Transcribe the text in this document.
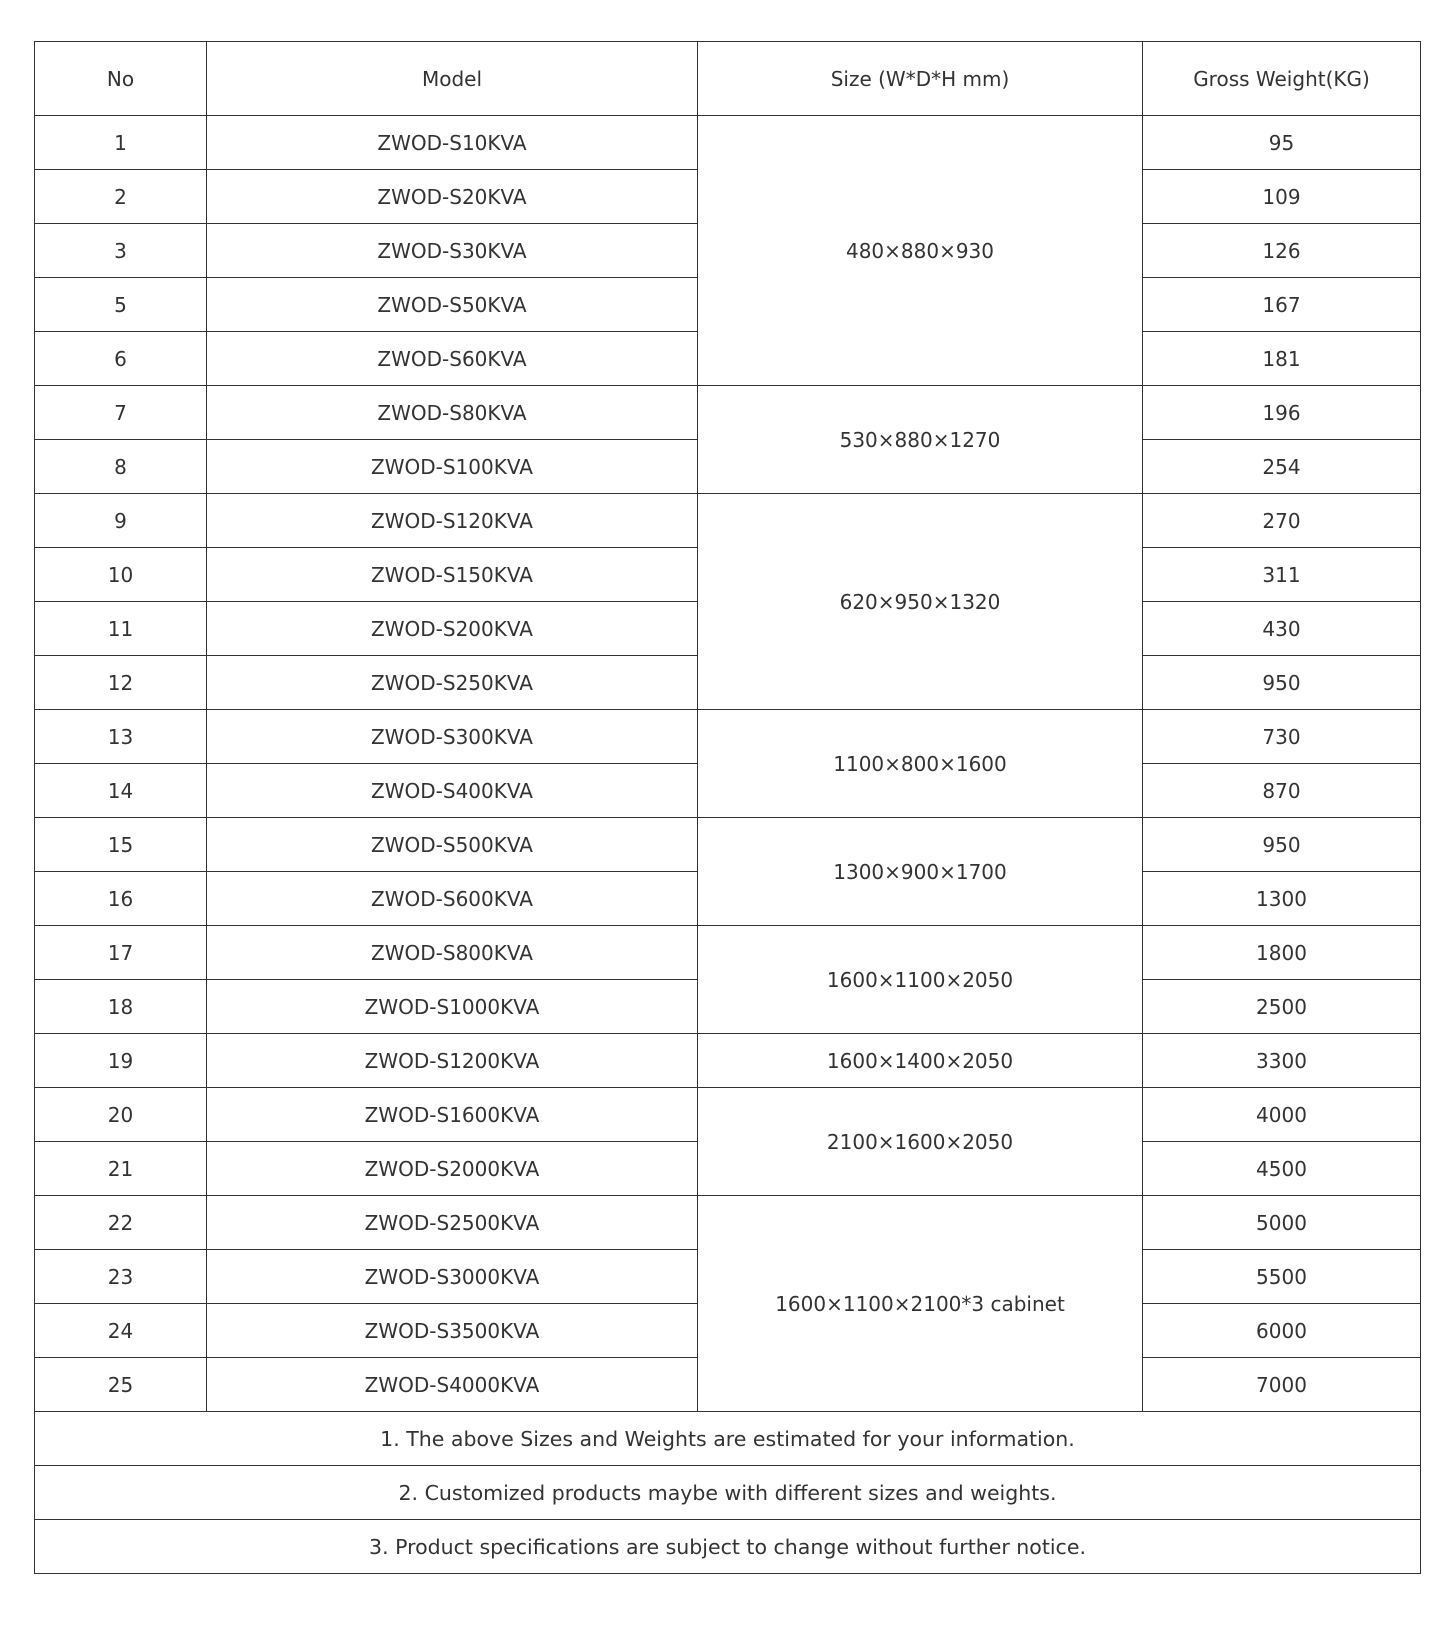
No	Model	Size (W*D*H mm)	Gross Weight(KG)
1	ZWOD-S10KVA	480×880×930	95
2	ZWOD-S20KVA		109
3	ZWOD-S30KVA		126
5	ZWOD-S50KVA		167
6	ZWOD-S60KVA		181
7	ZWOD-S80KVA	530×880×1270	196
8	ZWOD-S100KVA		254
9	ZWOD-S120KVA	620×950×1320	270
10	ZWOD-S150KVA		311
11	ZWOD-S200KVA		430
12	ZWOD-S250KVA		950
13	ZWOD-S300KVA	1100×800×1600	730
14	ZWOD-S400KVA		870
15	ZWOD-S500KVA	1300×900×1700	950
16	ZWOD-S600KVA		1300
17	ZWOD-S800KVA	1600×1100×2050	1800
18	ZWOD-S1000KVA		2500
19	ZWOD-S1200KVA	1600×1400×2050	3300
20	ZWOD-S1600KVA	2100×1600×2050	4000
21	ZWOD-S2000KVA		4500
22	ZWOD-S2500KVA	1600×1100×2100*3 cabinet	5000
23	ZWOD-S3000KVA		5500
24	ZWOD-S3500KVA		6000
25	ZWOD-S4000KVA		7000
1. The above Sizes and Weights are estimated for your information.			
2. Customized products maybe with different sizes and weights.			
3. Product specifications are subject to change without further notice.			
